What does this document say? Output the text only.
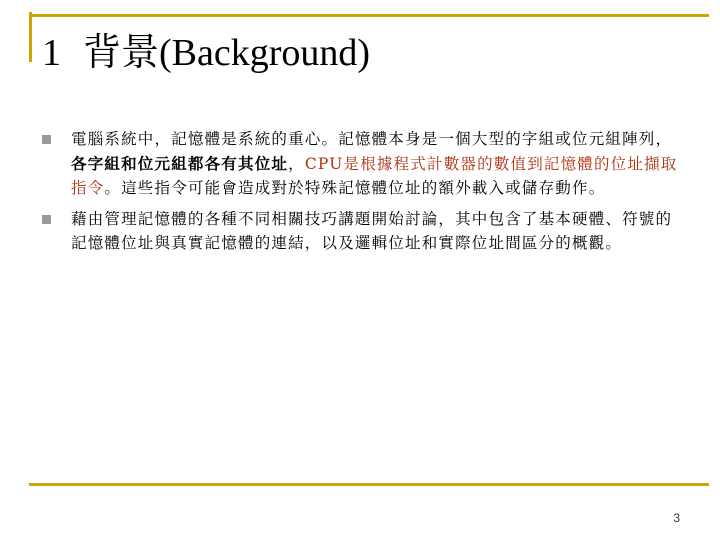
1 背景(Background)
電腦系統中，記憶體是系統的重心。記憶體本身是一個大型的字組或位元組陣列，各字組和位元組都各有其位址，CPU是根據程式計數器的數值到記憶體的位址擷取指令。這些指令可能會造成對於特殊記憶體位址的額外載入或儲存動作。
藉由管理記憶體的各種不同相關技巧講題開始討論，其中包含了基本硬體、符號的記憶體位址與真實記憶體的連結，以及邏輯位址和實際位址間區分的概觀。
3
